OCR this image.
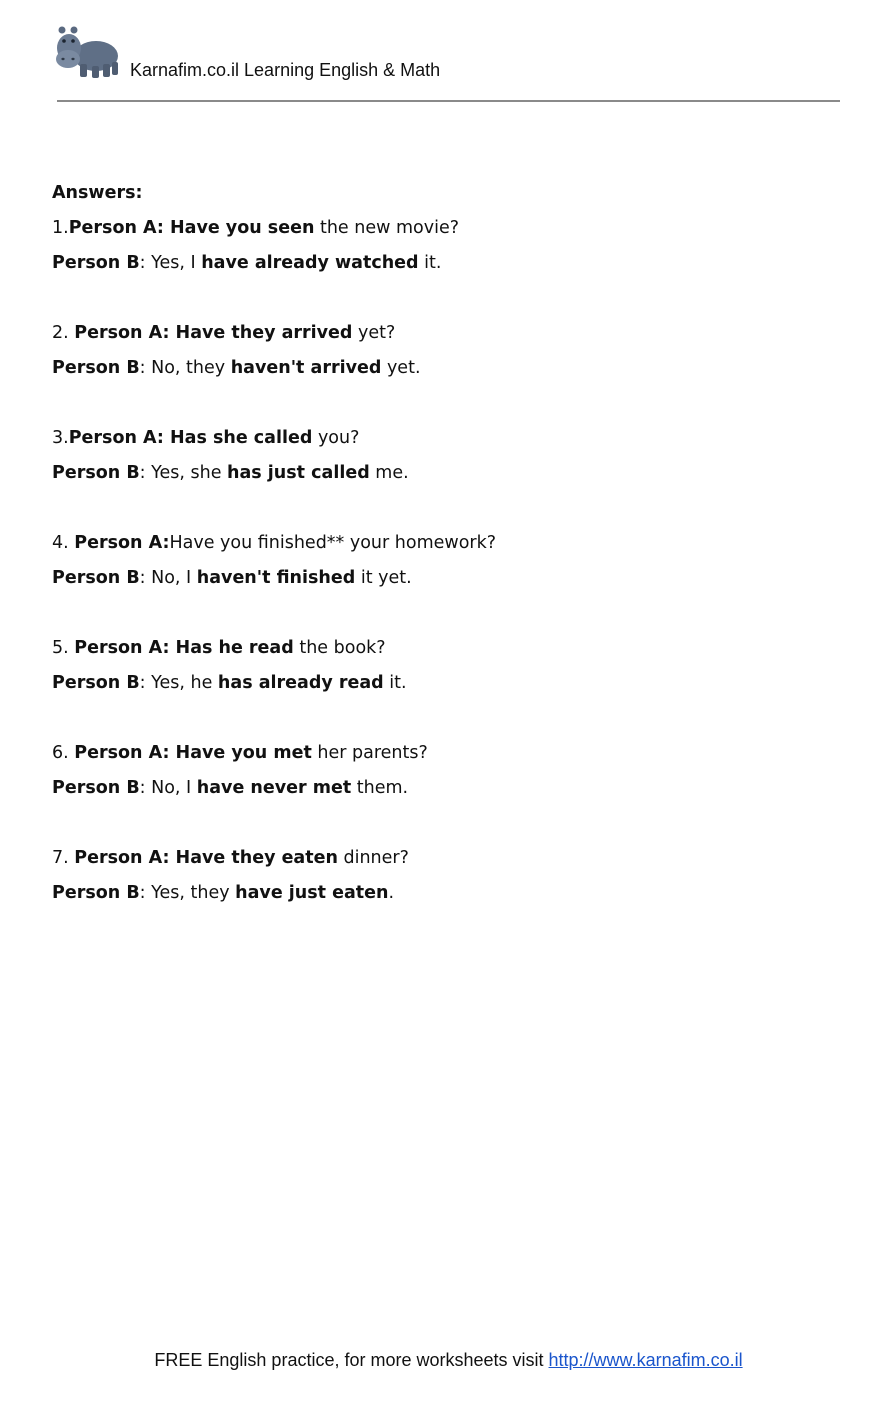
Karnafim.co.il Learning English & Math
Answers:
1.Person A: Have you seen the new movie?
Person B: Yes, I have already watched it.
2. Person A: Have they arrived yet?
Person B: No, they haven't arrived yet.
3.Person A: Has she called you?
Person B: Yes, she has just called me.
4. Person A:Have you finished** your homework?
Person B: No, I haven't finished it yet.
5. Person A: Has he read the book?
Person B: Yes, he has already read it.
6. Person A: Have you met her parents?
Person B: No, I have never met them.
7. Person A: Have they eaten dinner?
Person B: Yes, they have just eaten.
FREE English practice, for more worksheets visit http://www.karnafim.co.il
